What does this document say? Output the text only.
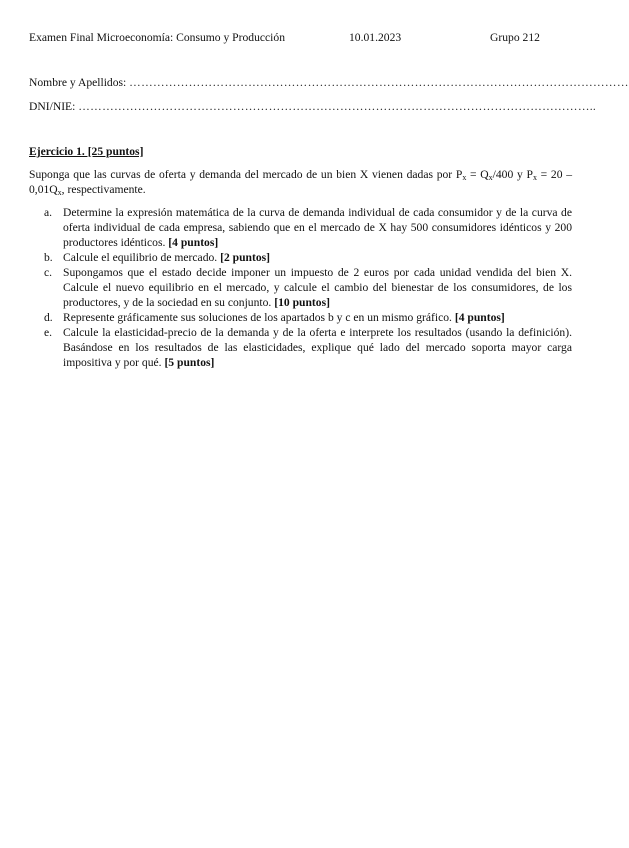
Examen Final Microeconomía: Consumo y Producción	10.01.2023	Grupo 212
Nombre y Apellidos: ………………………………………………………………………………………………………………
DNI/NIE: …………………………………………………………………………………………………………………..
Ejercicio 1. [25 puntos]

Suponga que las curvas de oferta y demanda del mercado de un bien X vienen dadas por $P_x = Q_x/400$ y $P_x = 20 - 0,01Q_x$, respectivamente.

a. Determine la expresión matemática de la curva de demanda individual de cada consumidor y de la curva de oferta individual de cada empresa, sabiendo que en el mercado de X hay 500 consumidores idénticos y 200 productores idénticos. [4 puntos]
b. Calcule el equilibrio de mercado. [2 puntos]
c. Supongamos que el estado decide imponer un impuesto de 2 euros por cada unidad vendida del bien X. Calcule el nuevo equilibrio en el mercado, y calcule el cambio del bienestar de los consumidores, de los productores, y de la sociedad en su conjunto. [10 puntos]
d. Represente gráficamente sus soluciones de los apartados b y c en un mismo gráfico. [4 puntos]
e. Calcule la elasticidad-precio de la demanda y de la oferta e interprete los resultados (usando la definición). Basándose en los resultados de las elasticidades, explique qué lado del mercado soporta mayor carga impositiva y por qué. [5 puntos]
